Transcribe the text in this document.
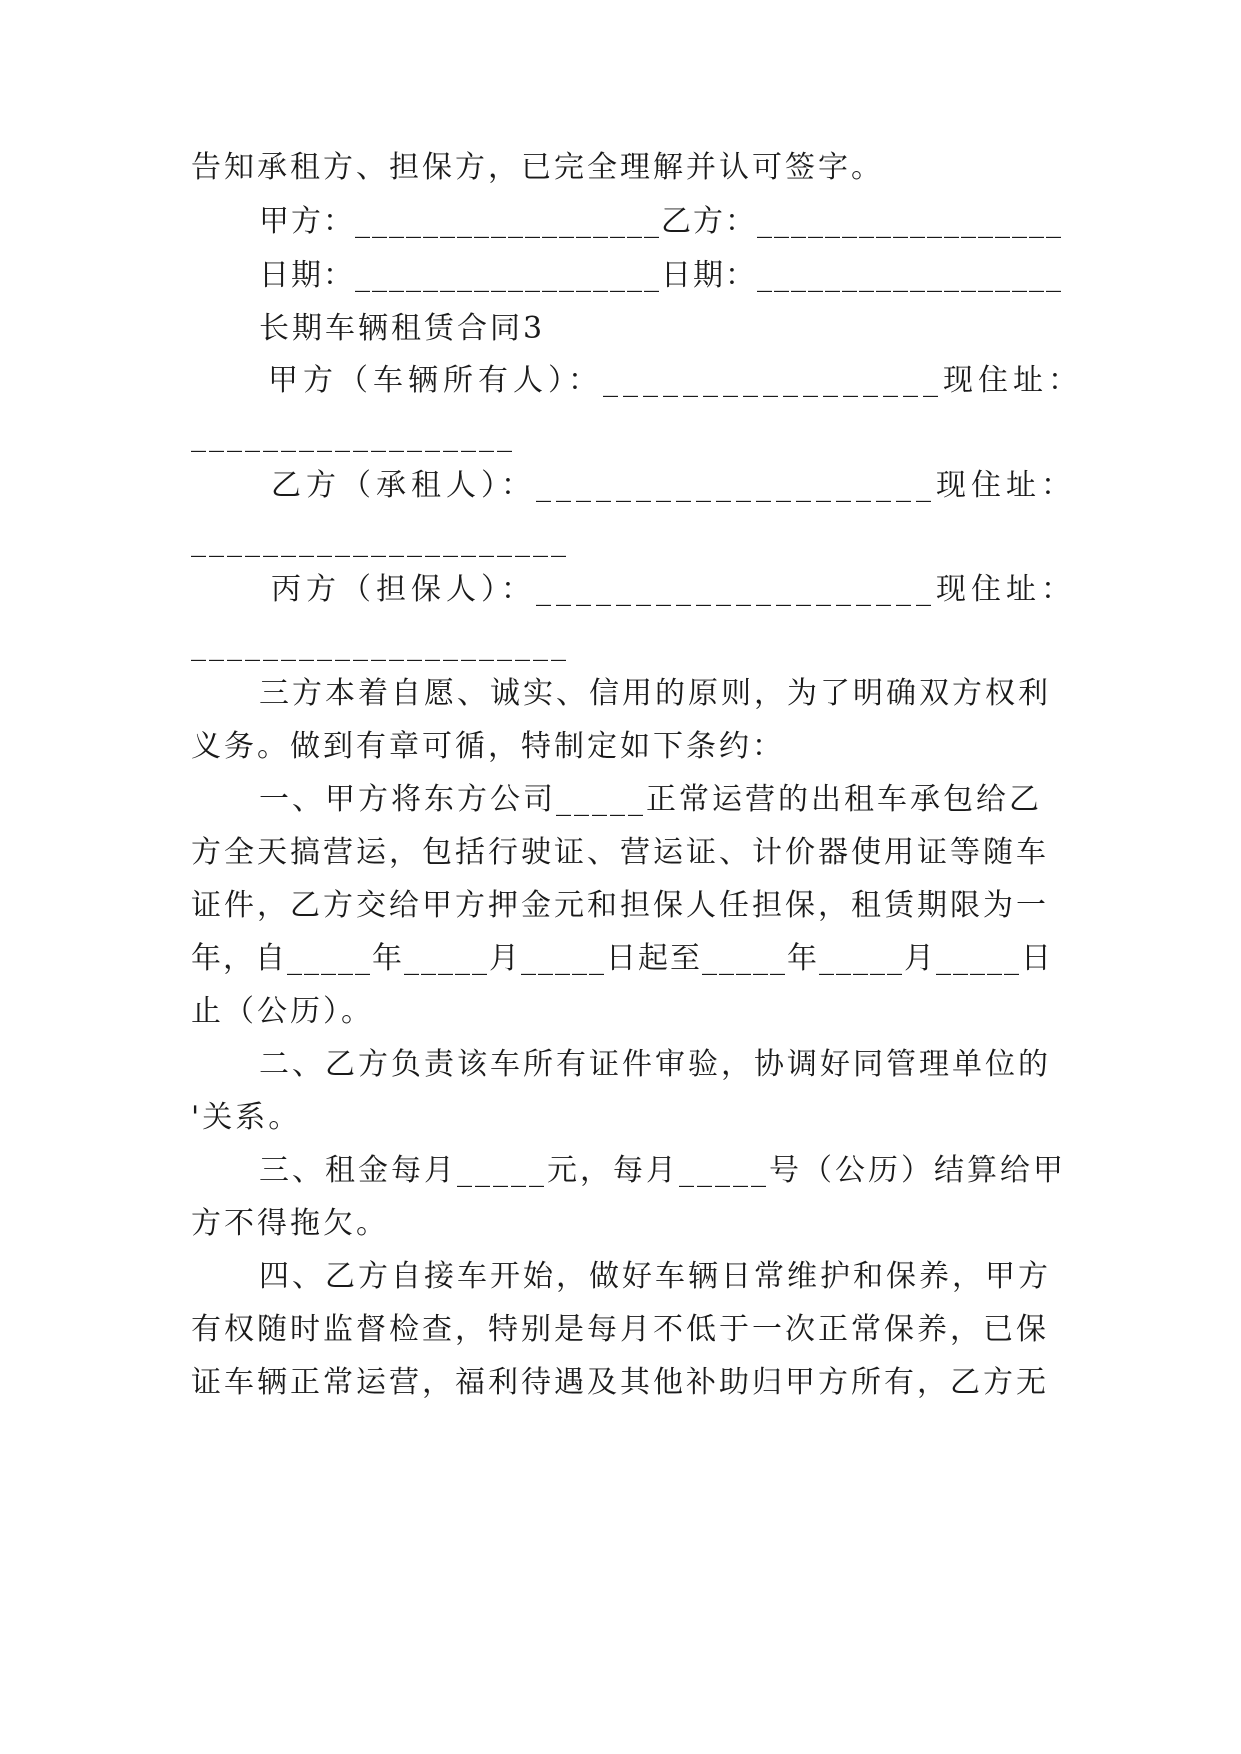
告知承租方、担保方，已完全理解并认可签字。
甲方：__________________乙方：__________________
日期：__________________日期：__________________
长期车辆租赁合同3
甲方（车辆所有人）：_________________现住址：
__________________
乙方（承租人）：____________________现住址：
_____________________
丙方（担保人）：____________________现住址：
_____________________
三方本着自愿、诚实、信用的原则，为了明确双方权利
义务。做到有章可循，特制定如下条约：
一、甲方将东方公司_____正常运营的出租车承包给乙
方全天搞营运，包括行驶证、营运证、计价器使用证等随车
证件，乙方交给甲方押金元和担保人任担保，租赁期限为一
年，自_____年_____月_____日起至_____年_____月_____日
止（公历）。
二、乙方负责该车所有证件审验，协调好同管理单位的
'关系。
三、租金每月_____元，每月_____号（公历）结算给甲
方不得拖欠。
四、乙方自接车开始，做好车辆日常维护和保养，甲方
有权随时监督检查，特别是每月不低于一次正常保养，已保
证车辆正常运营，福利待遇及其他补助归甲方所有，乙方无
